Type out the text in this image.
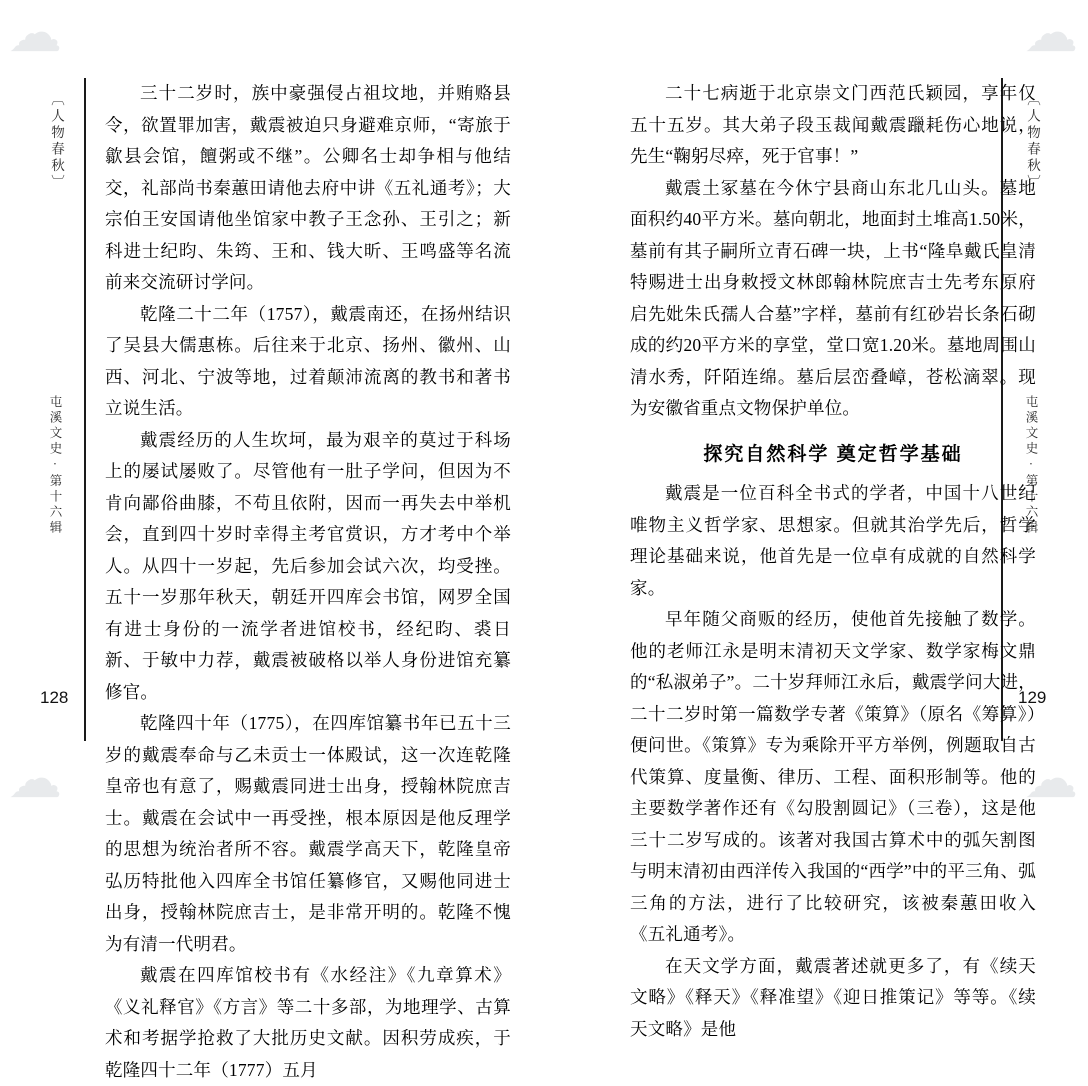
☁	☁
☁	☁
〔人物春秋〕	〔人物春秋〕
屯溪文史·第十六辑	屯溪文史·第十六辑
128	129

三十二岁时，族中豪强侵占祖坟地，并贿赂县令，欲置罪加害，戴震被迫只身避难京师，“寄旅于歙县会馆，饘粥或不继”。公卿名士却争相与他结交，礼部尚书秦蕙田请他去府中讲《五礼通考》；大宗伯王安国请他坐馆家中教子王念孙、王引之；新科进士纪昀、朱筠、王和、钱大昕、王鸣盛等名流前来交流研讨学问。

乾隆二十二年（1757），戴震南还，在扬州结识了吴县大儒惠栋。后往来于北京、扬州、徽州、山西、河北、宁波等地，过着颠沛流离的教书和著书立说生活。

戴震经历的人生坎坷，最为艰辛的莫过于科场上的屡试屡败了。尽管他有一肚子学问，但因为不肯向鄙俗曲膝，不苟且依附，因而一再失去中举机会，直到四十岁时幸得主考官赏识，方才考中个举人。从四十一岁起，先后参加会试六次，均受挫。五十一岁那年秋天，朝廷开四库会书馆，网罗全国有进士身份的一流学者进馆校书，经纪昀、裘日新、于敏中力荐，戴震被破格以举人身份进馆充纂修官。

乾隆四十年（1775），在四库馆纂书年已五十三岁的戴震奉命与乙未贡士一体殿试，这一次连乾隆皇帝也有意了，赐戴震同进士出身，授翰林院庶吉士。戴震在会试中一再受挫，根本原因是他反理学的思想为统治者所不容。戴震学高天下，乾隆皇帝弘历特批他入四库全书馆任纂修官，又赐他同进士出身，授翰林院庶吉士，是非常开明的。乾隆不愧为有清一代明君。

戴震在四库馆校书有《水经注》《九章算术》《义礼释官》《方言》等二十多部，为地理学、古算术和考据学抢救了大批历史文献。因积劳成疾，于乾隆四十二年（1777）五月

二十七病逝于北京崇文门西范氏颖园，享年仅五十五岁。其大弟子段玉裁闻戴震躐耗伤心地说，先生“鞠躬尽瘁，死于官事！”

戴震土冢墓在今休宁县商山东北几山头。墓地面积约40平方米。墓向朝北，地面封土堆高1.50米，墓前有其子嗣所立青石碑一块，上书“隆阜戴氏皇清特赐进士出身敕授文林郎翰林院庶吉士先考东原府启先妣朱氏孺人合墓”字样，墓前有红砂岩长条石砌成的约20平方米的享堂，堂口宽1.20米。墓地周围山清水秀，阡陌连绵。墓后层峦叠嶂，苍松滴翠。现为安徽省重点文物保护单位。

探究自然科学 奠定哲学基础

戴震是一位百科全书式的学者，中国十八世纪唯物主义哲学家、思想家。但就其治学先后，哲学理论基础来说，他首先是一位卓有成就的自然科学家。

早年随父商贩的经历，使他首先接触了数学。他的老师江永是明末清初天文学家、数学家梅文鼎的“私淑弟子”。二十岁拜师江永后，戴震学问大进，二十二岁时第一篇数学专著《策算》（原名《筹算》）便问世。《策算》专为乘除开平方举例，例题取自古代策算、度量衡、律历、工程、面积形制等。他的主要数学著作还有《勾股割圆记》（三卷），这是他三十二岁写成的。该著对我国古算术中的弧矢割图与明末清初由西洋传入我国的“西学”中的平三角、弧三角的方法，进行了比较研究，该被秦蕙田收入《五礼通考》。

在天文学方面，戴震著述就更多了，有《续天文略》《释天》《释准望》《迎日推策记》等等。《续天文略》是他
